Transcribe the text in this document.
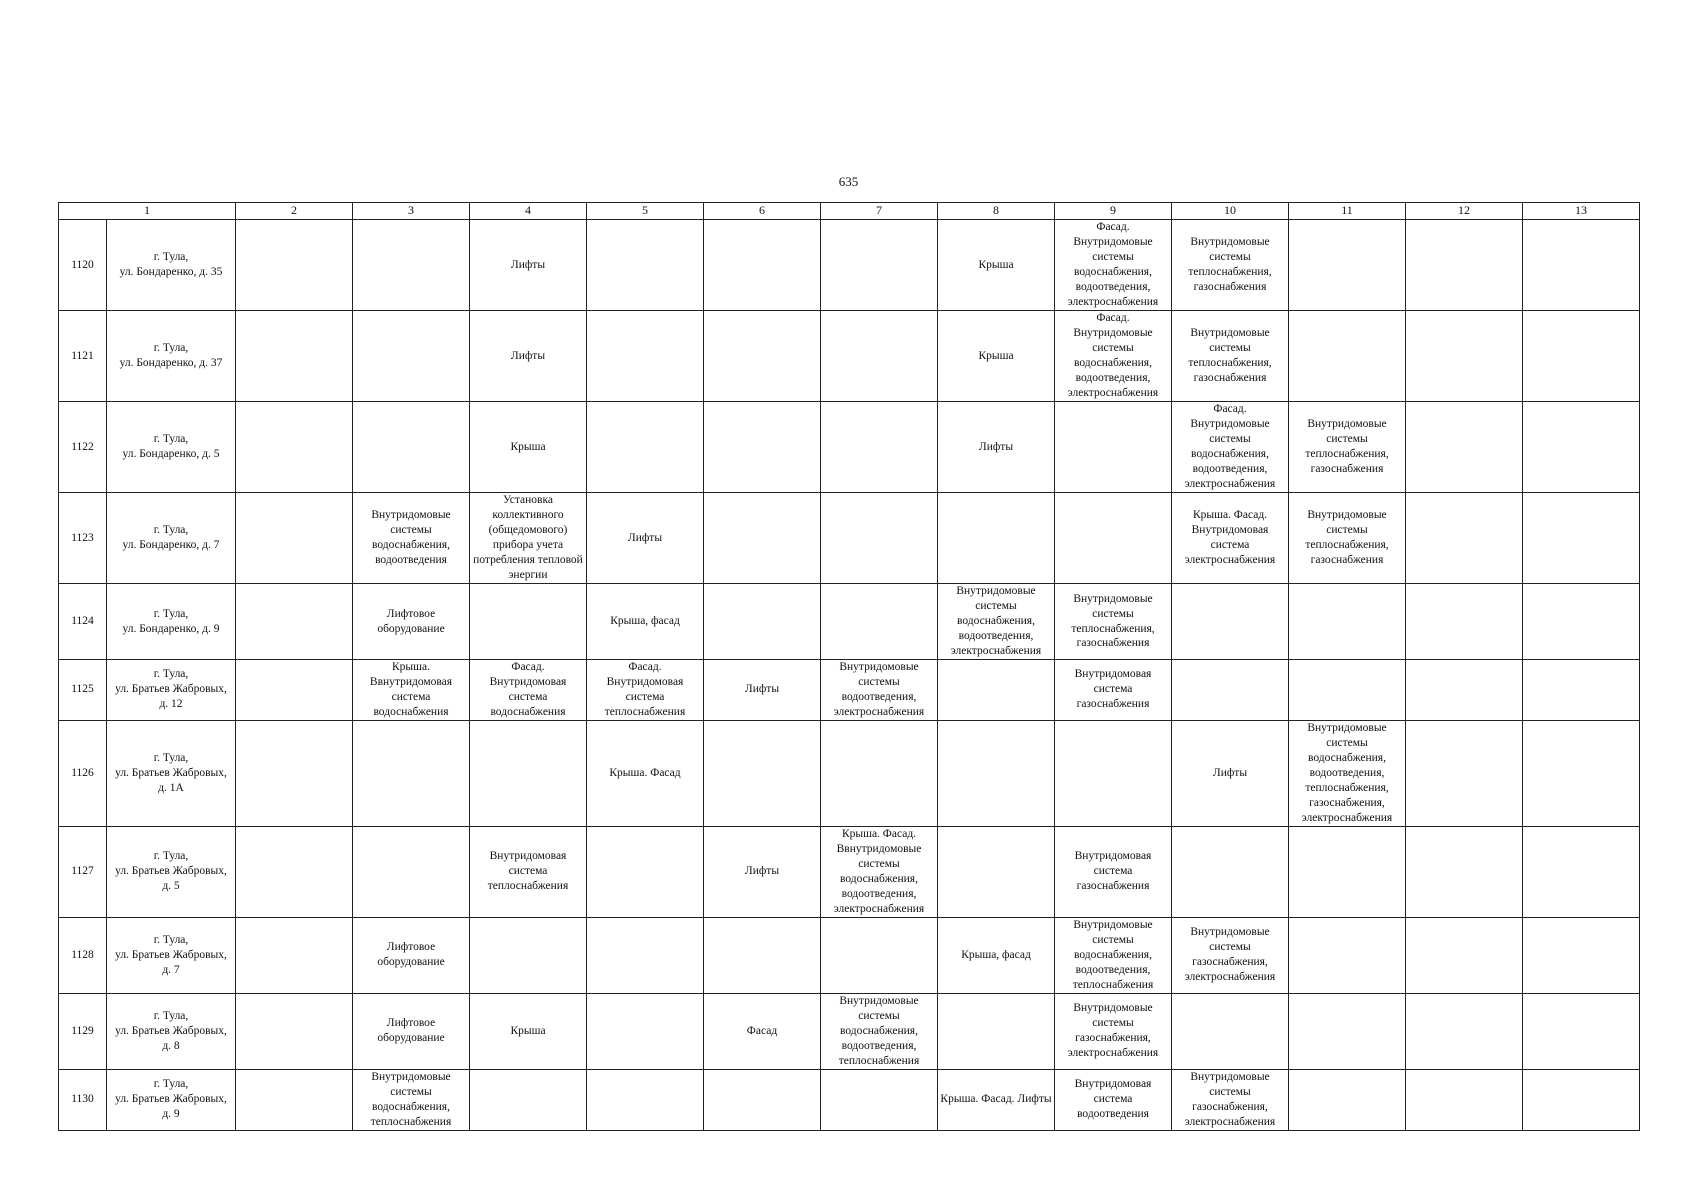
635
1		2	3	4	5	6	7	8	9	10	11	12	13
1120	г. Тула,
ул. Бондаренко, д. 35			Лифты				Крыша	Фасад. Внутридомовые системы водоснабжения, водоотведения, электроснабжения	Внутридомовые системы теплоснабжения, газоснабжения			
1121	г. Тула,
ул. Бондаренко, д. 37			Лифты				Крыша	Фасад. Внутридомовые системы водоснабжения, водоотведения, электроснабжения	Внутридомовые системы теплоснабжения, газоснабжения			
1122	г. Тула,
ул. Бондаренко, д. 5			Крыша				Лифты		Фасад. Внутридомовые системы водоснабжения, водоотведения, электроснабжения	Внутридомовые системы теплоснабжения, газоснабжения		
1123	г. Тула,
ул. Бондаренко, д. 7		Внутридомовые системы водоснабжения, водоотведения	Установка коллективного (общедомового) прибора учета потребления тепловой энергии	Лифты					Крыша. Фасад. Внутридомовая система электроснабжения	Внутридомовые системы теплоснабжения, газоснабжения		
1124	г. Тула,
ул. Бондаренко, д. 9		Лифтовое оборудование		Крыша, фасад			Внутридомовые системы водоснабжения, водоотведения, электроснабжения	Внутридомовые системы теплоснабжения, газоснабжения				
1125	г. Тула,
ул. Братьев Жабровых,
д. 12		Крыша. Ввнутридомовая система водоснабжения	Фасад. Внутридомовая система водоснабжения	Фасад. Внутридомовая система теплоснабжения	Лифты	Внутридомовые системы водоотведения, электроснабжения		Внутридомовая система газоснабжения				
1126	г. Тула,
ул. Братьев Жабровых,
д. 1А				Крыша. Фасад					Лифты	Внутридомовые системы водоснабжения, водоотведения, теплоснабжения, газоснабжения, электроснабжения		
1127	г. Тула,
ул. Братьев Жабровых,
д. 5			Внутридомовая система теплоснабжения		Лифты	Крыша. Фасад. Ввнутридомовые системы водоснабжения, водоотведения, электроснабжения		Внутридомовая система газоснабжения				
1128	г. Тула,
ул. Братьев Жабровых,
д. 7		Лифтовое оборудование					Крыша, фасад	Внутридомовые системы водоснабжения, водоотведения, теплоснабжения	Внутридомовые системы газоснабжения, электроснабжения			
1129	г. Тула,
ул. Братьев Жабровых,
д. 8		Лифтовое оборудование	Крыша		Фасад	Внутридомовые системы водоснабжения, водоотведения, теплоснабжения		Внутридомовые системы газоснабжения, электроснабжения				
1130	г. Тула,
ул. Братьев Жабровых,
д. 9		Внутридомовые системы водоснабжения, теплоснабжения					Крыша. Фасад. Лифты	Внутридомовая система водоотведения	Внутридомовые системы газоснабжения, электроснабжения			
